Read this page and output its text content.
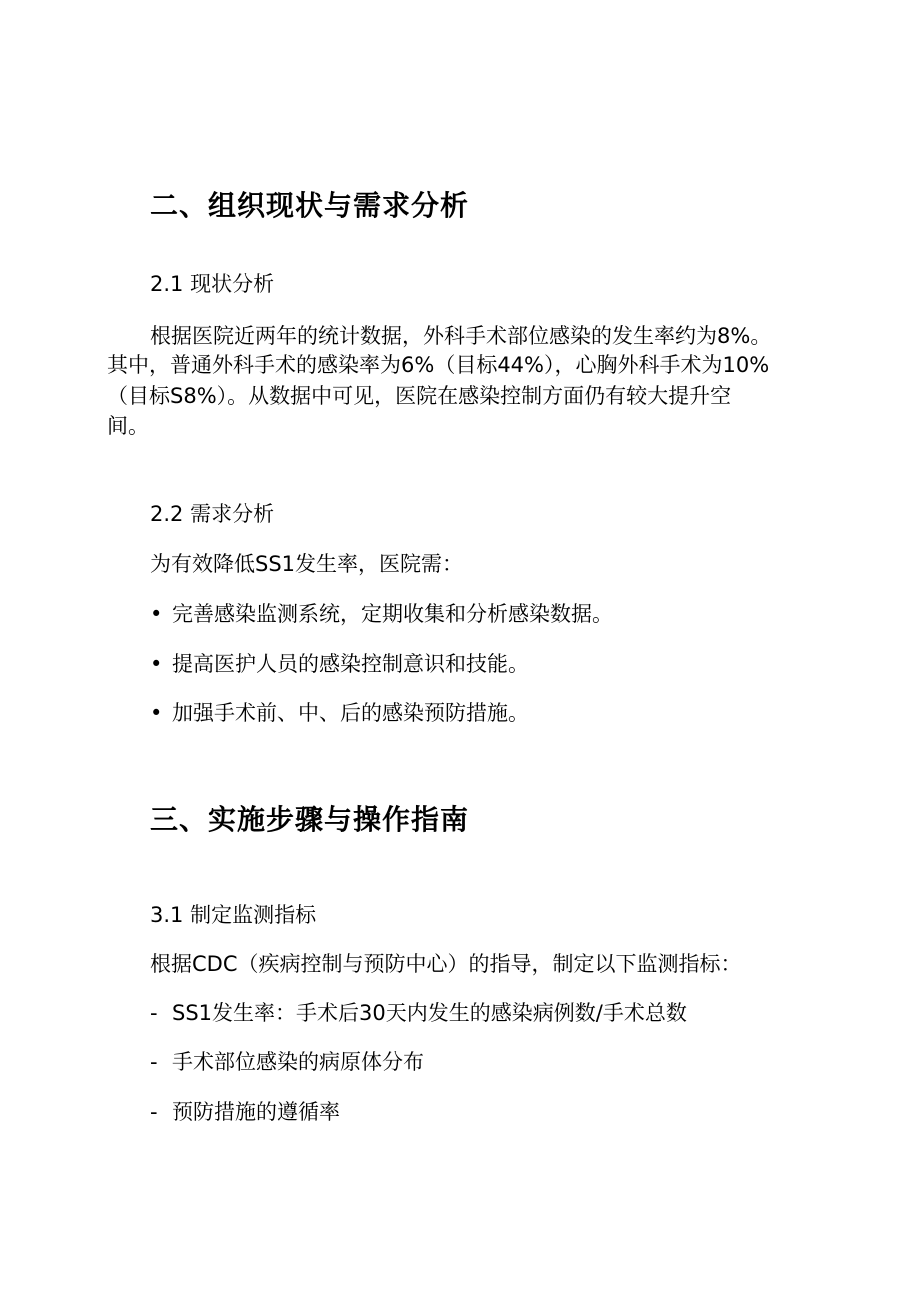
二、组织现状与需求分析
2.1 现状分析
根据医院近两年的统计数据，外科手术部位感染的发生率约为8%。
其中，普通外科手术的感染率为6%（目标44%），心胸外科手术为10%
（目标S8%）。从数据中可见，医院在感染控制方面仍有较大提升空
间。
2.2 需求分析
为有效降低SS1发生率，医院需：
• 完善感染监测系统，定期收集和分析感染数据。
• 提高医护人员的感染控制意识和技能。
• 加强手术前、中、后的感染预防措施。
三、实施步骤与操作指南
3.1 制定监测指标
根据CDC（疾病控制与预防中心）的指导，制定以下监测指标：
- SS1发生率：手术后30天内发生的感染病例数/手术总数
- 手术部位感染的病原体分布
- 预防措施的遵循率
